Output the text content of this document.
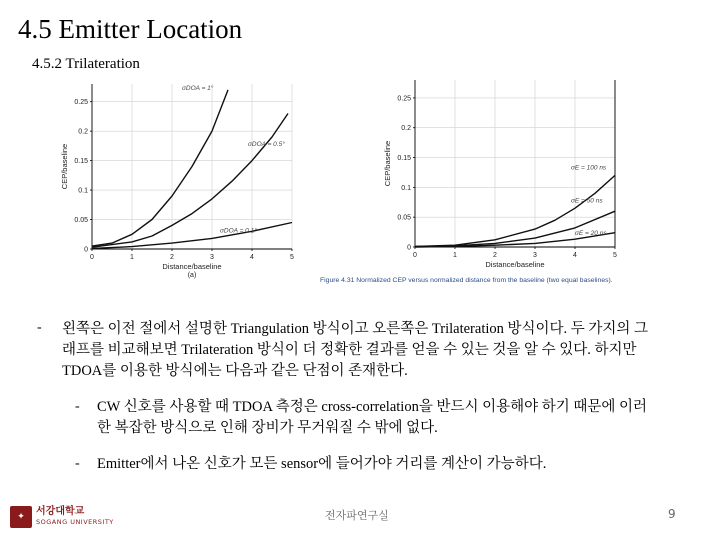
4.5 Emitter Location
4.5.2 Trilateration
0
0.05
0.1
0.15
0.2
0.25
0	1	2	3	4	5
Distance/baseline
CEP/baseline
(a)
σDOA = 1°
σDOA = 0.5°
σDOA = 0.1°
0
0.05
0.1
0.15
0.2
0.25
0	1	2	3	4	5
Distance/baseline
CEP/baseline	σE = 100 ns
σE = 50 ns
σE = 20 ns
Figure 4.31 Normalized CEP versus normalized distance from the baseline (two equal baselines).
- 왼쪽은 이전 절에서 설명한 Triangulation 방식이고 오른쪽은 Trilateration 방식이다. 두 가지의 그래프를 비교해보면 Trilateration 방식이 더 정확한 결과를 얻을 수 있는 것을 알 수 있다. 하지만 TDOA를 이용한 방식에는 다음과 같은 단점이 존재한다.
- CW 신호를 사용할 때 TDOA 측정은 cross-correlation을 반드시 이용해야 하기 때문에 이러한 복잡한 방식으로 인해 장비가 무거워질 수 밖에 없다.
- Emitter에서 나온 신호가 모든 sensor에 들어가야 거리를 계산이 가능하다.
✦	서강대학교
SOGANG UNIVERSITY	전자파연구실	9
